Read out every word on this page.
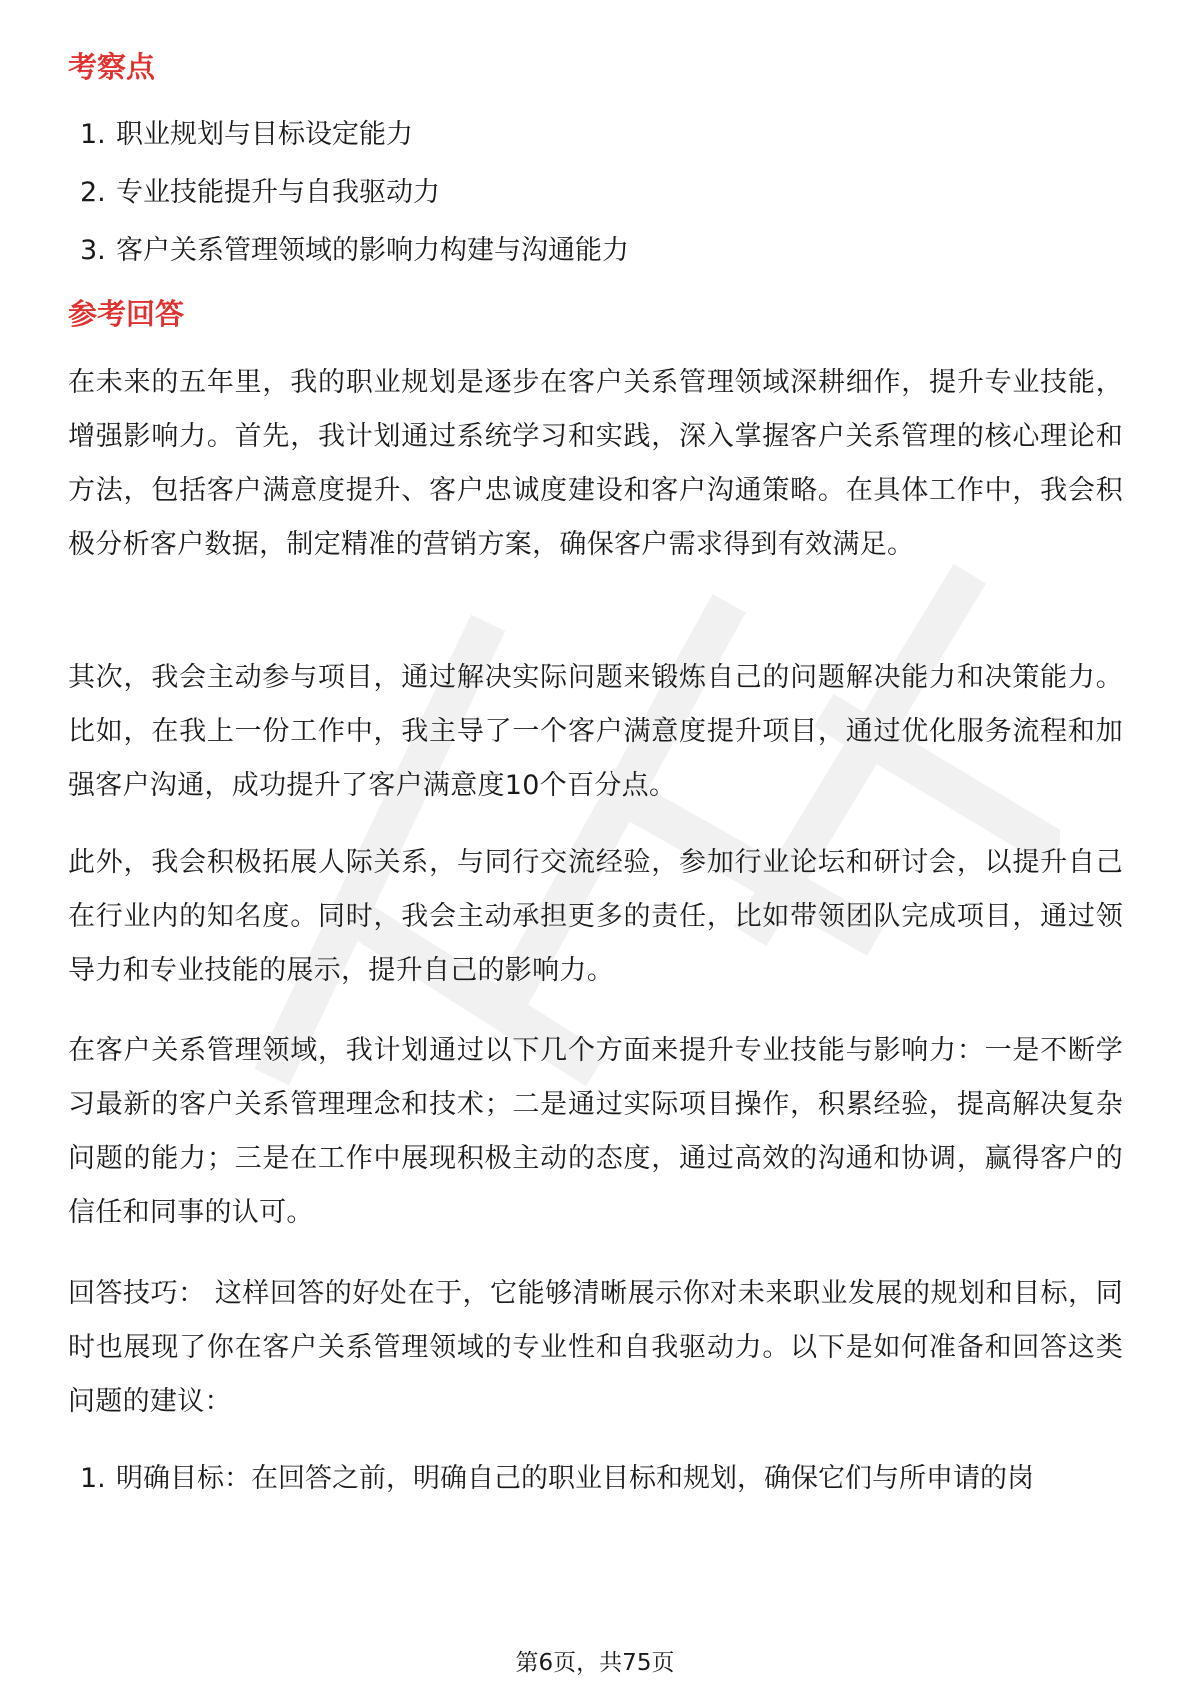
考察点
1. 职业规划与目标设定能力
2. 专业技能提升与自我驱动力
3. 客户关系管理领域的影响力构建与沟通能力
参考回答

在未来的五年里，我的职业规划是逐步在客户关系管理领域深耕细作，提升专业技能，增强影响力。首先，我计划通过系统学习和实践，深入掌握客户关系管理的核心理论和方法，包括客户满意度提升、客户忠诚度建设和客户沟通策略。在具体工作中，我会积极分析客户数据，制定精准的营销方案，确保客户需求得到有效满足。

其次，我会主动参与项目，通过解决实际问题来锻炼自己的问题解决能力和决策能力。比如，在我上一份工作中，我主导了一个客户满意度提升项目，通过优化服务流程和加强客户沟通，成功提升了客户满意度10个百分点。

此外，我会积极拓展人际关系，与同行交流经验，参加行业论坛和研讨会，以提升自己在行业内的知名度。同时，我会主动承担更多的责任，比如带领团队完成项目，通过领导力和专业技能的展示，提升自己的影响力。

在客户关系管理领域，我计划通过以下几个方面来提升专业技能与影响力：一是不断学习最新的客户关系管理理念和技术；二是通过实际项目操作，积累经验，提高解决复杂问题的能力；三是在工作中展现积极主动的态度，通过高效的沟通和协调，赢得客户的信任和同事的认可。

回答技巧： 这样回答的好处在于，它能够清晰展示你对未来职业发展的规划和目标，同时也展现了你在客户关系管理领域的专业性和自我驱动力。以下是如何准备和回答这类问题的建议：

1. 明确目标：在回答之前，明确自己的职业目标和规划，确保它们与所申请的岗
第6页，共75页
